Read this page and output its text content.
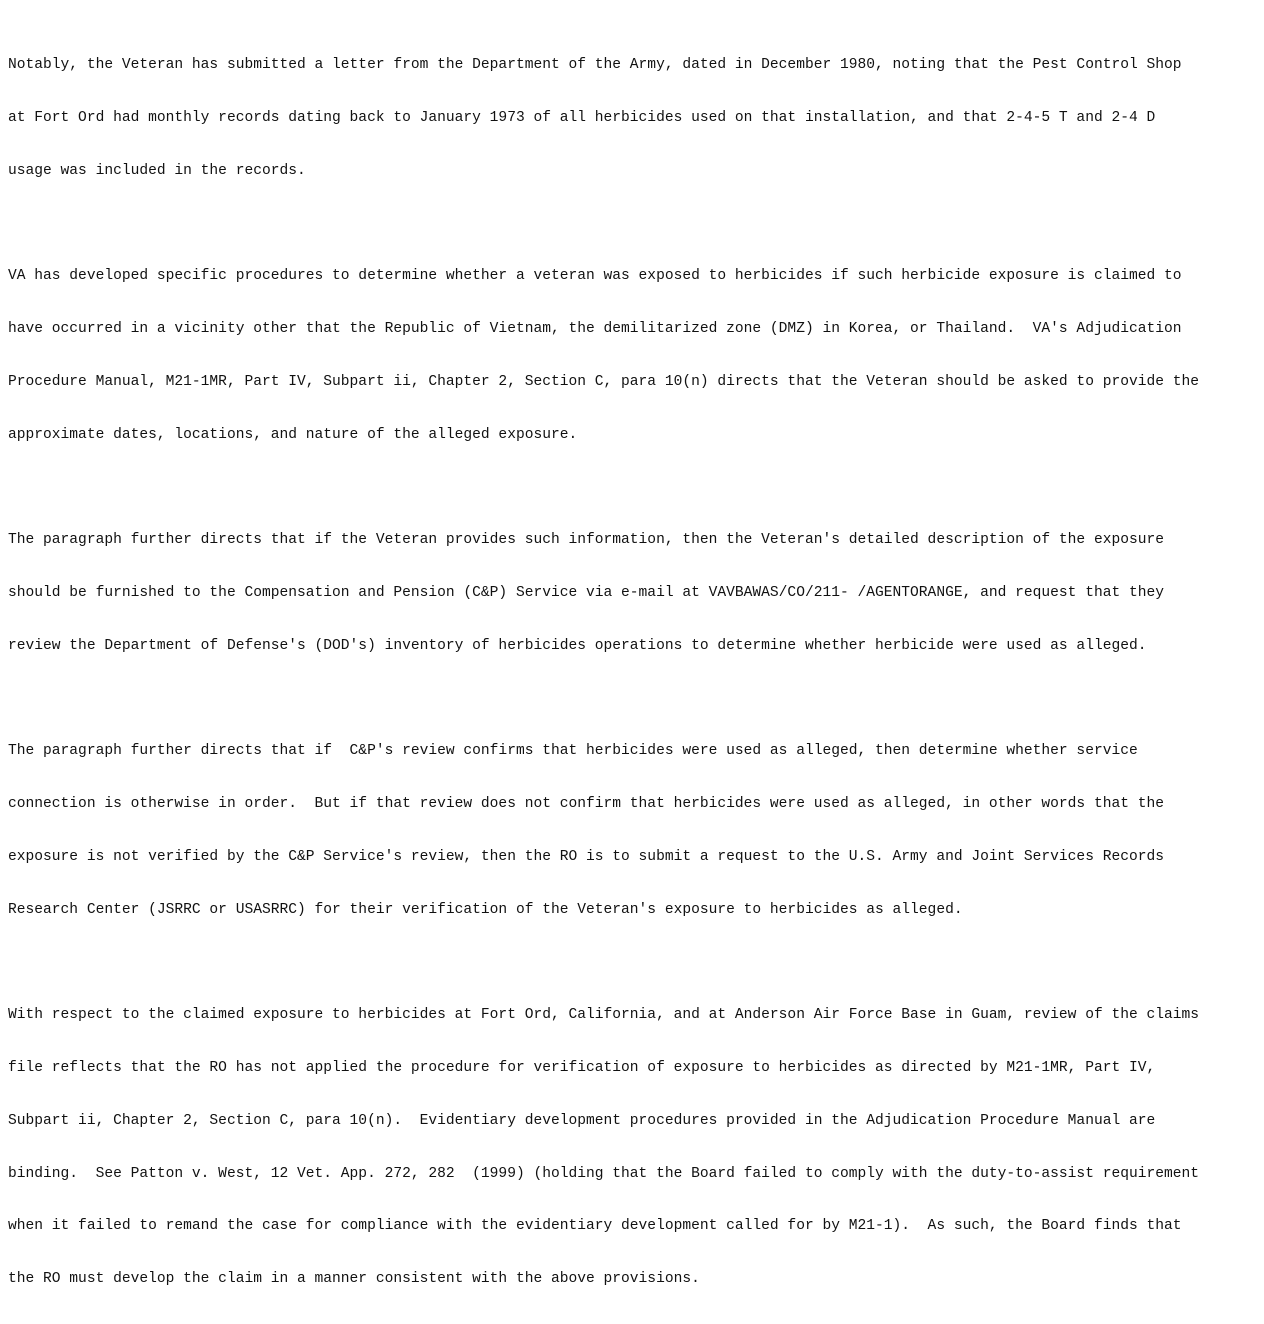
Notably, the Veteran has submitted a letter from the Department of the Army, dated in December 1980, noting that the Pest Control Shop

at Fort Ord had monthly records dating back to January 1973 of all herbicides used on that installation, and that 2-4-5 T and 2-4 D

usage was included in the records.

VA has developed specific procedures to determine whether a veteran was exposed to herbicides if such herbicide exposure is claimed to

have occurred in a vicinity other that the Republic of Vietnam, the demilitarized zone (DMZ) in Korea, or Thailand.  VA's Adjudication

Procedure Manual, M21-1MR, Part IV, Subpart ii, Chapter 2, Section C, para 10(n) directs that the Veteran should be asked to provide the

approximate dates, locations, and nature of the alleged exposure.

The paragraph further directs that if the Veteran provides such information, then the Veteran's detailed description of the exposure

should be furnished to the Compensation and Pension (C&P) Service via e-mail at VAVBAWAS/CO/211- /AGENTORANGE, and request that they

review the Department of Defense's (DOD's) inventory of herbicides operations to determine whether herbicide were used as alleged.

The paragraph further directs that if  C&P's review confirms that herbicides were used as alleged, then determine whether service

connection is otherwise in order.  But if that review does not confirm that herbicides were used as alleged, in other words that the

exposure is not verified by the C&P Service's review, then the RO is to submit a request to the U.S. Army and Joint Services Records

Research Center (JSRRC or USASRRC) for their verification of the Veteran's exposure to herbicides as alleged.

With respect to the claimed exposure to herbicides at Fort Ord, California, and at Anderson Air Force Base in Guam, review of the claims

file reflects that the RO has not applied the procedure for verification of exposure to herbicides as directed by M21-1MR, Part IV,

Subpart ii, Chapter 2, Section C, para 10(n).  Evidentiary development procedures provided in the Adjudication Procedure Manual are

binding.  See Patton v. West, 12 Vet. App. 272, 282  (1999) (holding that the Board failed to comply with the duty-to-assist requirement

when it failed to remand the case for compliance with the evidentiary development called for by M21-1).  As such, the Board finds that

the RO must develop the claim in a manner consistent with the above provisions.
